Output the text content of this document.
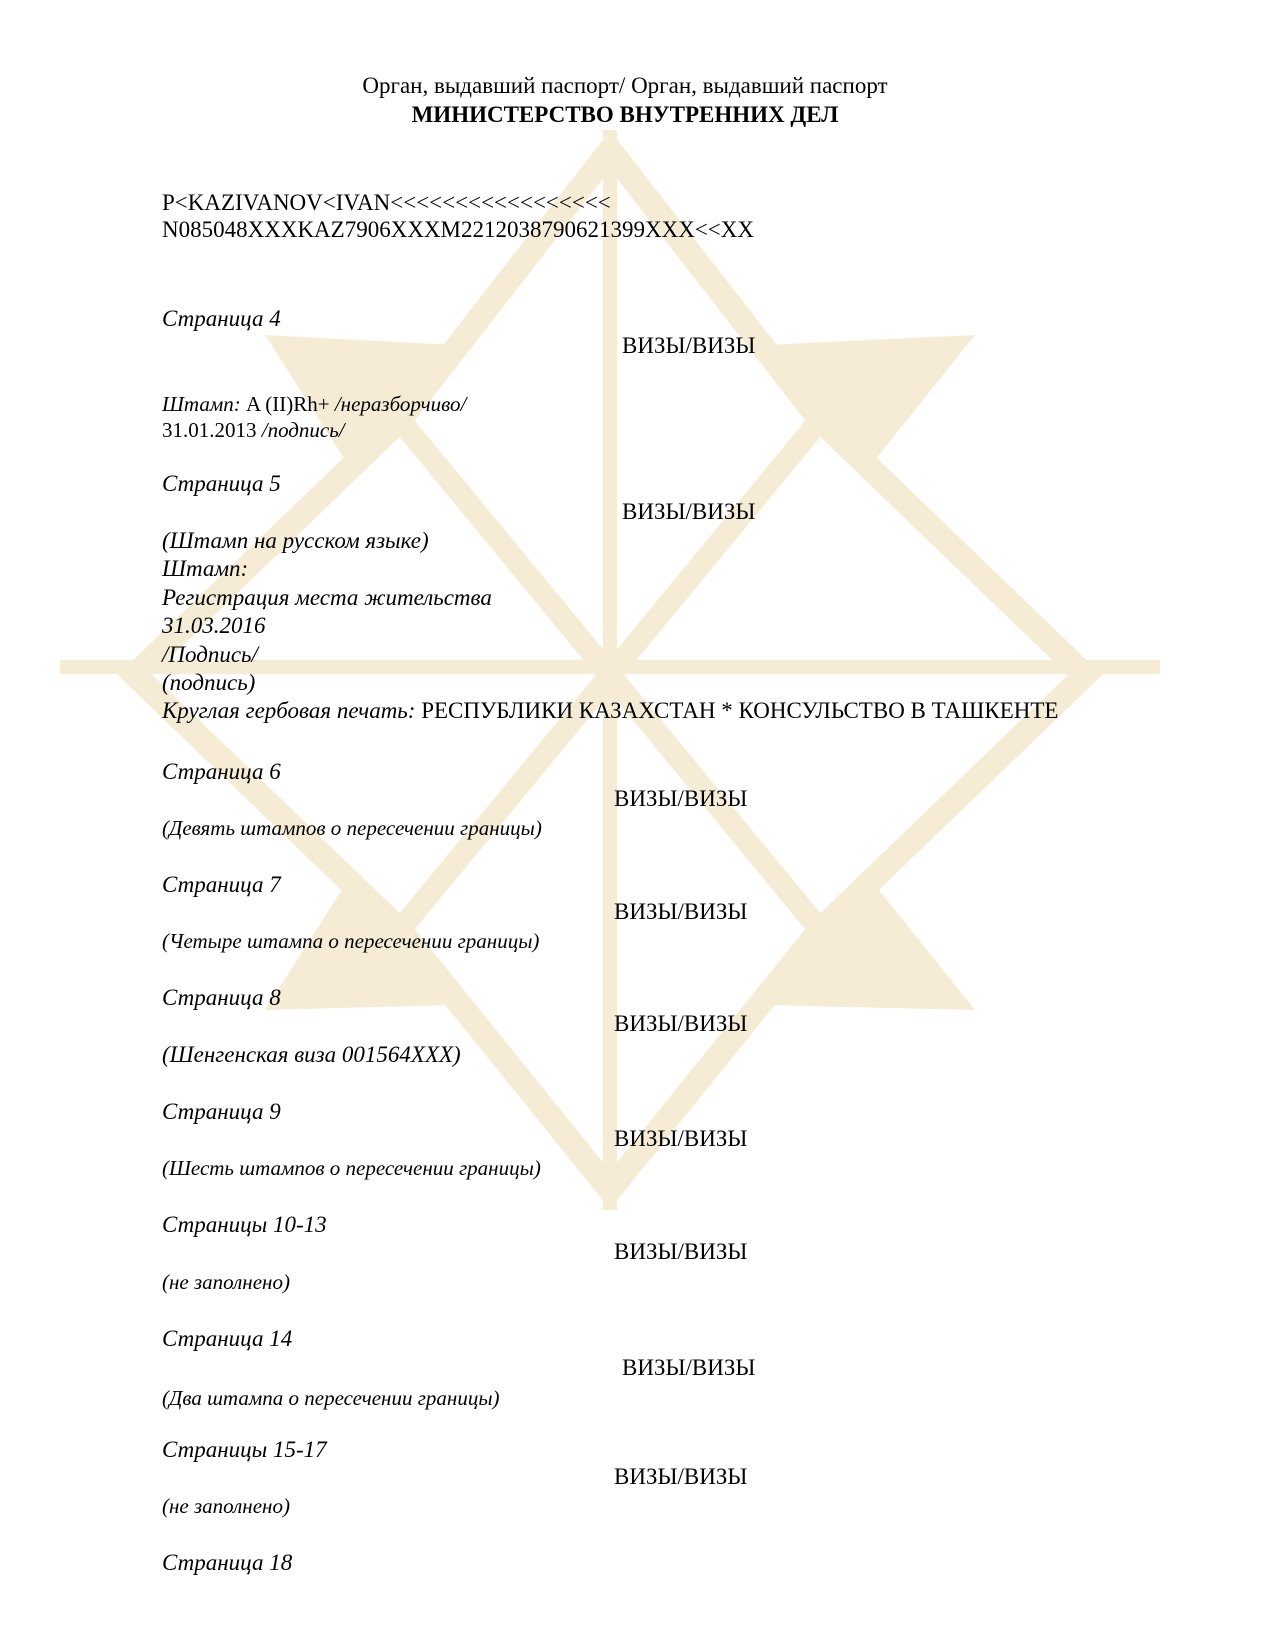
Орган, выдавший паспорт/ Орган, выдавший паспорт
МИНИСТЕРСТВО ВНУТРЕННИХ ДЕЛ
P<KAZIVANOV<IVAN<<<<<<<<<<<<<<<<<
N085048XXXKAZ7906XXXM2212038790621399XXX<<XX
Страница 4
ВИЗЫ/ВИЗЫ
Штамп: A (II)Rh+ /неразборчиво/
31.01.2013 /подпись/
Страница 5
ВИЗЫ/ВИЗЫ
(Штамп на русском языке)
Штамп:
Регистрация места жительства
31.03.2016
/Подпись/
(подпись)
Круглая гербовая печать: РЕСПУБЛИКИ КАЗАХСТАН * КОНСУЛЬСТВО В ТАШКЕНТЕ
Страница 6
ВИЗЫ/ВИЗЫ
(Девять штампов о пересечении границы)
Страница 7
ВИЗЫ/ВИЗЫ
(Четыре штампа о пересечении границы)
Страница 8
ВИЗЫ/ВИЗЫ
(Шенгенская виза 001564XXX)
Страница 9
ВИЗЫ/ВИЗЫ
(Шесть штампов о пересечении границы)
Страницы 10-13
ВИЗЫ/ВИЗЫ
(не заполнено)
Страница 14
ВИЗЫ/ВИЗЫ
(Два штампа о пересечении границы)
Страницы 15-17
ВИЗЫ/ВИЗЫ
(не заполнено)
Страница 18
